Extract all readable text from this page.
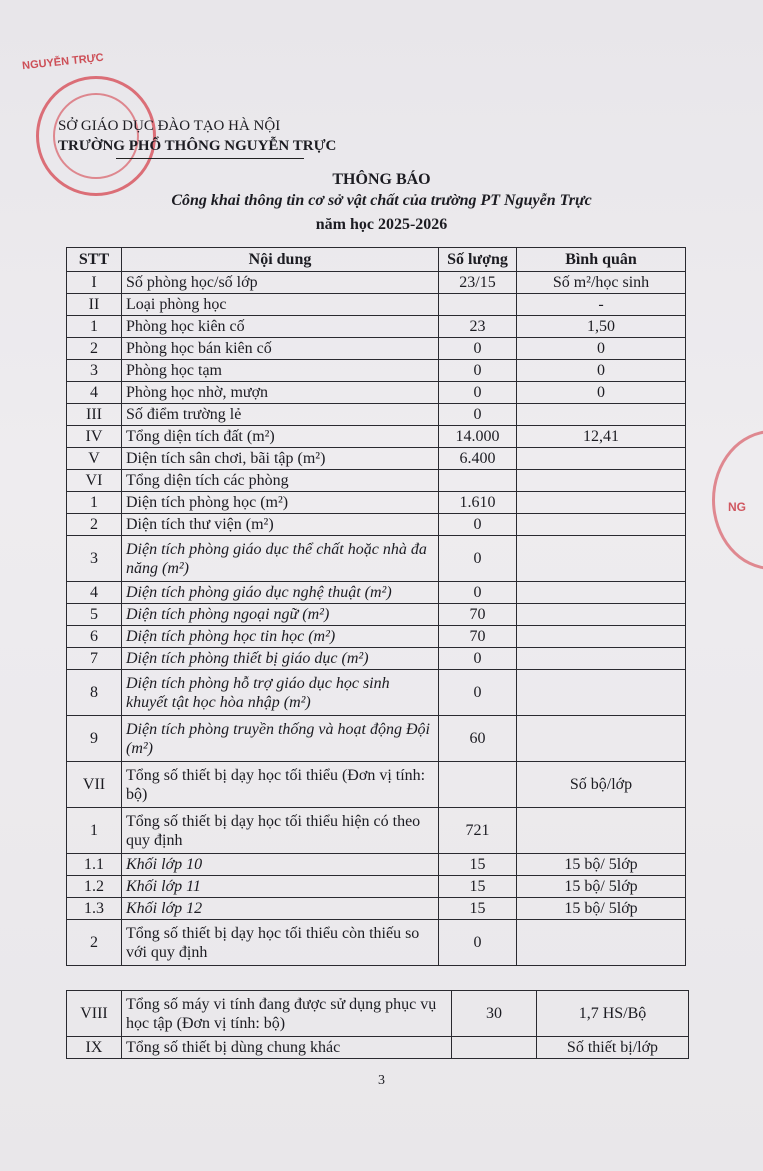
NGUYỄN TRỰC
NG
SỞ GIÁO DỤC ĐÀO TẠO HÀ NỘI
TRƯỜNG PHỔ THÔNG NGUYỄN TRỰC
THÔNG BÁO
Công khai thông tin cơ sở vật chất của trường PT Nguyễn Trực
năm học 2025-2026
STT	Nội dung	Số lượng	Bình quân
I	Số phòng học/số lớp	23/15	Số m²/học sinh
II	Loại phòng học		-
1	Phòng học kiên cố	23	1,50
2	Phòng học bán kiên cố	0	0
3	Phòng học tạm	0	0
4	Phòng học nhờ, mượn	0	0
III	Số điểm trường lẻ	0	
IV	Tổng diện tích đất (m²)	14.000	12,41
V	Diện tích sân chơi, bãi tập (m²)	6.400	
VI	Tổng diện tích các phòng		
1	Diện tích phòng học (m²)	1.610	
2	Diện tích thư viện (m²)	0	
3	Diện tích phòng giáo dục thể chất hoặc nhà đa năng (m²)	0	
4	Diện tích phòng giáo dục nghệ thuật (m²)	0	
5	Diện tích phòng ngoại ngữ (m²)	70	
6	Diện tích phòng học tin học (m²)	70	
7	Diện tích phòng thiết bị giáo dục (m²)	0	
8	Diện tích phòng hỗ trợ giáo dục học sinh khuyết tật học hòa nhập (m²)	0	
9	Diện tích phòng truyền thống và hoạt động Đội (m²)	60	
VII	Tổng số thiết bị dạy học tối thiểu (Đơn vị tính: bộ)		Số bộ/lớp
1	Tổng số thiết bị dạy học tối thiểu hiện có theo quy định	721	
1.1	Khối lớp 10	15	15 bộ/ 5lớp
1.2	Khối lớp 11	15	15 bộ/ 5lớp
1.3	Khối lớp 12	15	15 bộ/ 5lớp
2	Tổng số thiết bị dạy học tối thiểu còn thiếu so với quy định	0	
VIII	Tổng số máy vi tính đang được sử dụng phục vụ học tập (Đơn vị tính: bộ)	30	1,7 HS/Bộ
IX	Tổng số thiết bị dùng chung khác		Số thiết bị/lớp
3
